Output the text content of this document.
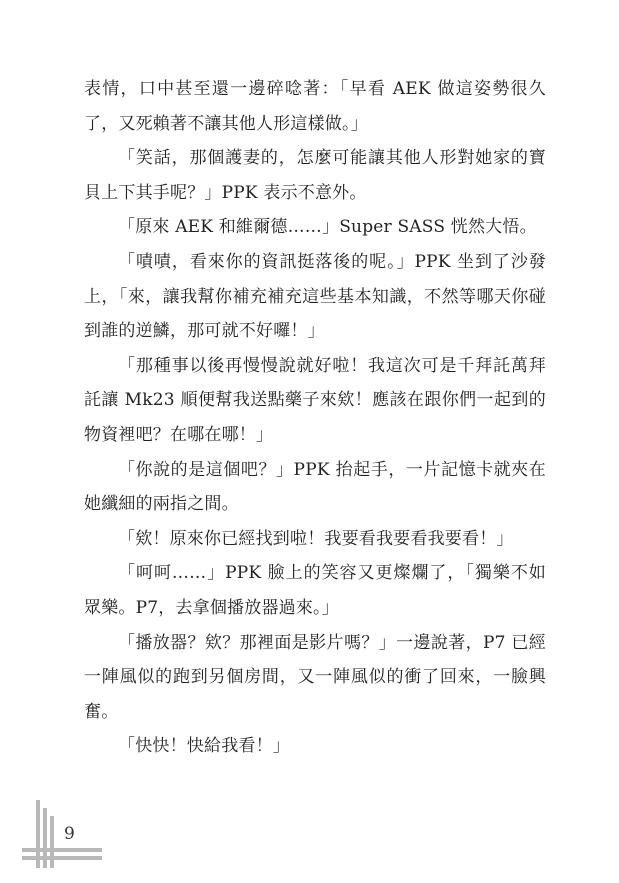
表情，口中甚至還一邊碎唸著：「早看 AEK 做這姿勢很久了，又死賴著不讓其他人形這樣做。」

「笑話，那個護妻的，怎麼可能讓其他人形對她家的寶貝上下其手呢？」PPK 表示不意外。

「原來 AEK 和維爾德……」Super SASS 恍然大悟。

「嘖嘖，看來你的資訊挺落後的呢。」PPK 坐到了沙發上，「來，讓我幫你補充補充這些基本知識，不然等哪天你碰到誰的逆鱗，那可就不好囉！」

「那種事以後再慢慢說就好啦！我這次可是千拜託萬拜託讓 Mk23 順便幫我送點藥子來欸！應該在跟你們一起到的物資裡吧？在哪在哪！」

「你說的是這個吧？」PPK 抬起手，一片記憶卡就夾在她纖細的兩指之間。

「欸！原來你已經找到啦！我要看我要看我要看！」

「呵呵……」PPK 臉上的笑容又更燦爛了，「獨樂不如眾樂。P7，去拿個播放器過來。」

「播放器？欸？那裡面是影片嗎？」一邊說著，P7 已經一陣風似的跑到另個房間，又一陣風似的衝了回來，一臉興奮。

「快快！快給我看！」

9
